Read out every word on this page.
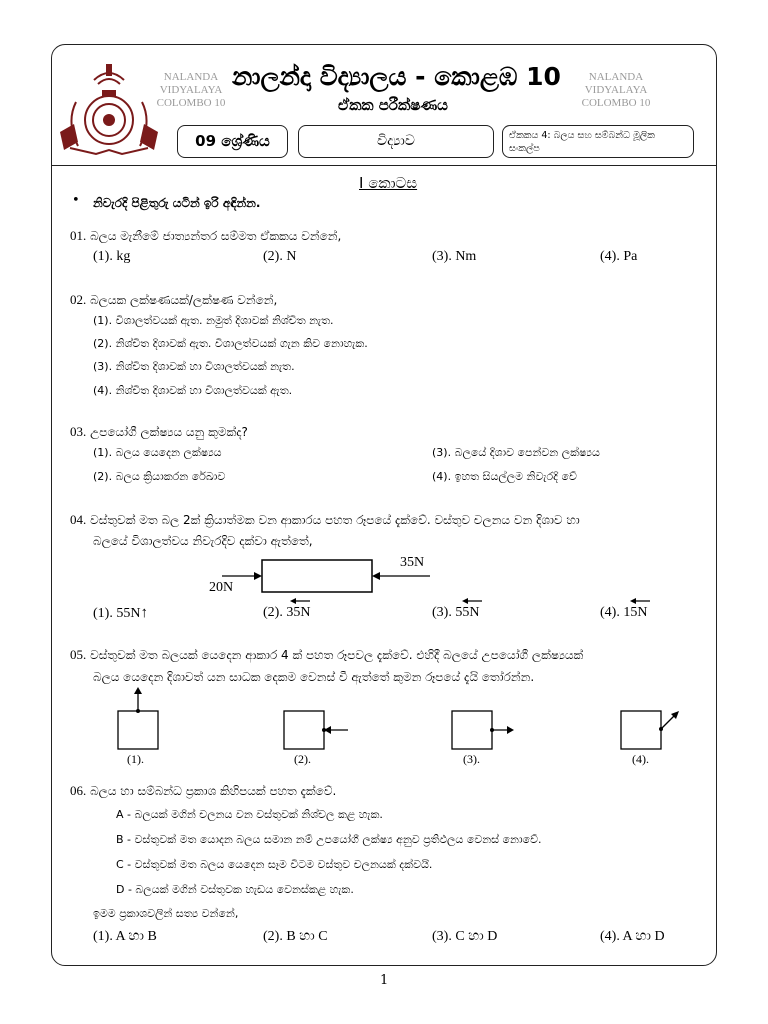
NALANDA
VIDYALAYA
COLOMBO 10
NALANDA
VIDYALAYA
COLOMBO 10
නාලන්දා විද්‍යාලය - කොළඹ 10
ඒකක පරීක්ෂණය
09 ශ්‍රේණිය	විද්‍යාව	ඒකකය 4: බලය සහ සම්බන්ධ මූලික සංකල්ප
I කොටස
• නිවැරදි පිළිතුරු යටින් ඉරි අඳින්න.
01. බලය මැනීමේ ජාත්‍යන්තර සම්මත ඒකකය වන්නේ,
(1). kg	(2). N	(3). Nm	(4). Pa
02. බලයක ලක්ෂණයක්/ලක්ෂණ වන්නේ,
(1). විශාලත්වයක් ඇත. නමුත් දිශාවක් නිශ්චිත නැත.
(2). නිශ්චිත දිශාවක් ඇත. විශාලත්වයක් ගැන කිව නොහැක.
(3). නිශ්චිත දිශාවක් හා විශාලත්වයක් නැත.
(4). නිශ්චිත දිශාවක් හා විශාලත්වයක් ඇත.
03. උපයෝගී ලක්ෂ්‍යය යනු කුමක්ද?
(1). බලය යෙදෙන ලක්ෂ්‍යය	(3). බලයේ දිශාව පෙන්වන ලක්ෂ්‍යය
(2). බලය ක්‍රියාකරන රේඛාව	(4). ඉහත සියල්ලම නිවැරදි වේ
04. වස්තුවක් මත බල 2ක් ක්‍රියාත්මක වන ආකාරය පහත රූපයේ දැක්වේ. වස්තුව චලනය වන දිශාව හා
බලයේ විශාලත්වය නිවැරදිව දක්වා ඇත්තේ,
20N
35N
(1). 55N↑	(2). 35N	(3). 55N	(4). 15N
05. වස්තුවක් මත බලයක් යෙදෙන ආකාර 4 ක් පහත රූපවල දැක්වේ. එහිදී බලයේ උපයෝගී ලක්ෂ්‍යයක්
බලය යෙදෙන දිශාවත් යන සාධක දෙකම වෙනස් වී ඇත්තේ කුමන රූපයේ දැයි තෝරන්න.
(1).	(2).	(3).	(4).
06. බලය හා සම්බන්ධ ප්‍රකාශ කිහිපයක් පහත දැක්වේ.
A - බලයක් මගින් චලනය වන වස්තුවක් නිශ්චල කළ හැක.
B - වස්තුවක් මත යොදන බලය සමාන නම් උපයෝගී ලක්ෂ්‍ය අනුව ප්‍රතිඵලය වෙනස් නොවේ.
C - වස්තුවක් මත බලය යෙදෙන සෑම විටම වස්තුව චලනයක් දක්වයි.
D - බලයක් මගින් වස්තුවක හැඩය වෙනස්කළ හැක.
ඉමම ප්‍රකාශවලින් සත්‍ය වන්නේ,
(1). A හා B	(2). B හා C	(3). C හා D	(4). A හා D
1
